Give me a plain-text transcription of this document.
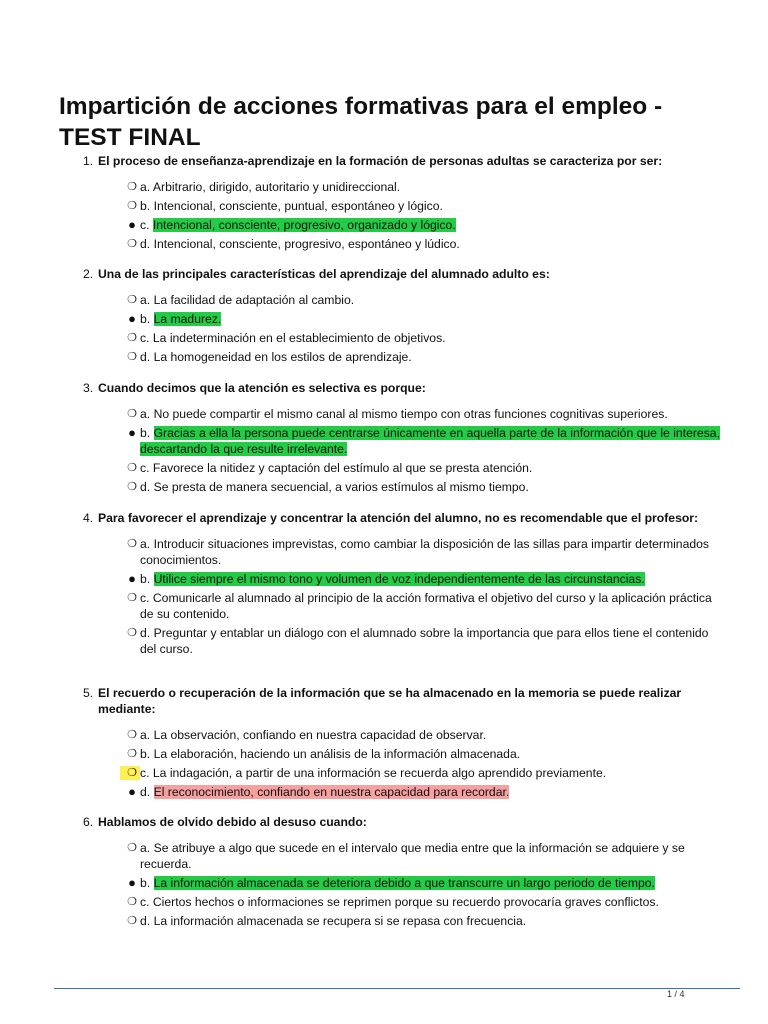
Impartición de acciones formativas para el empleo - TEST FINAL
1. El proceso de enseñanza-aprendizaje en la formación de personas adultas se caracteriza por ser:
❍ a. Arbitrario, dirigido, autoritario y unidireccional.
❍ b. Intencional, consciente, puntual, espontáneo y lógico.
● c. Intencional, consciente, progresivo, organizado y lógico.
❍ d. Intencional, consciente, progresivo, espontáneo y lúdico.
2. Una de las principales características del aprendizaje del alumnado adulto es:
❍ a. La facilidad de adaptación al cambio.
● b. La madurez.
❍ c. La indeterminación en el establecimiento de objetivos.
❍ d. La homogeneidad en los estilos de aprendizaje.
3. Cuando decimos que la atención es selectiva es porque:
❍ a. No puede compartir el mismo canal al mismo tiempo con otras funciones cognitivas superiores.
● b. Gracias a ella la persona puede centrarse únicamente en aquella parte de la información que le interesa, descartando la que resulte irrelevante.
❍ c. Favorece la nitidez y captación del estímulo al que se presta atención.
❍ d. Se presta de manera secuencial, a varios estímulos al mismo tiempo.
4. Para favorecer el aprendizaje y concentrar la atención del alumno, no es recomendable que el profesor:
❍ a. Introducir situaciones imprevistas, como cambiar la disposición de las sillas para impartir determinados conocimientos.
● b. Utilice siempre el mismo tono y volumen de voz independientemente de las circunstancias.
❍ c. Comunicarle al alumnado al principio de la acción formativa el objetivo del curso y la aplicación práctica de su contenido.
❍ d. Preguntar y entablar un diálogo con el alumnado sobre la importancia que para ellos tiene el contenido del curso.
5. El recuerdo o recuperación de la información que se ha almacenado en la memoria se puede realizar mediante:
❍ a. La observación, confiando en nuestra capacidad de observar.
❍ b. La elaboración, haciendo un análisis de la información almacenada.
❍ c. La indagación, a partir de una información se recuerda algo aprendido previamente.
● d. El reconocimiento, confiando en nuestra capacidad para recordar.
6. Hablamos de olvido debido al desuso cuando:
❍ a. Se atribuye a algo que sucede en el intervalo que media entre que la información se adquiere y se recuerda.
● b. La información almacenada se deteriora debido a que transcurre un largo periodo de tiempo.
❍ c. Ciertos hechos o informaciones se reprimen porque su recuerdo provocaría graves conflictos.
❍ d. La información almacenada se recupera si se repasa con frecuencia.
1 / 4
